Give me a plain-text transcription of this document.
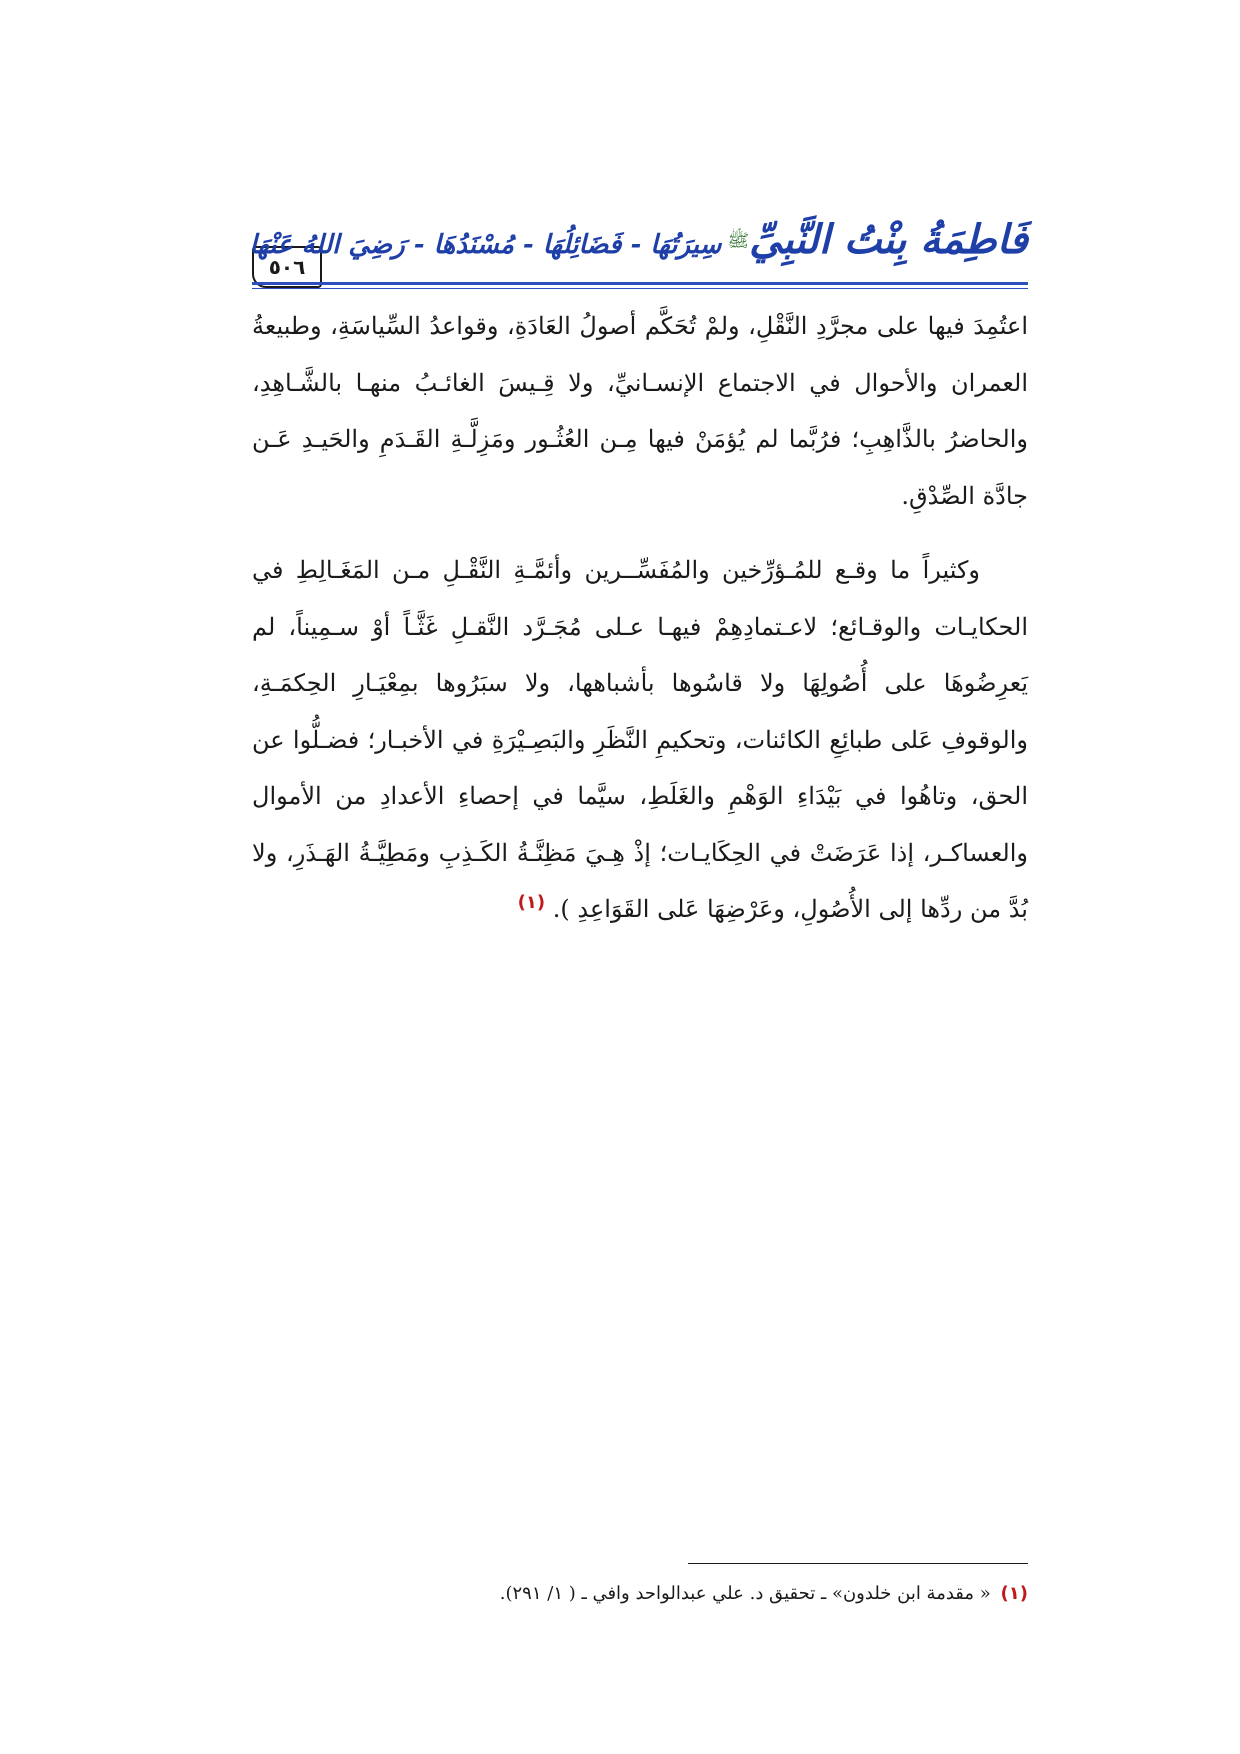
٥٠٦
فَاطِمَةُ بِنْتُ النَّبِيِّﷺسِيرَتُهَا - فَضَائِلُهَا - مُسْنَدُهَا - رَضِيَ اللهُ عَنْهَا

اعتُمِدَ فيها على مجرَّدِ النَّقْلِ، ولمْ تُحَكَّم أصولُ العَادَةِ، وقواعدُ السِّياسَةِ، وطبيعةُ العمران والأحوال في الاجتماع الإنسـانيِّ، ولا قِـيسَ الغائـبُ منهـا بالشَّـاهِدِ، والحاضرُ بالذَّاهِبِ؛ فرُبَّما لم يُؤمَنْ فيها مِـن العُثُـور ومَزِلَّـةِ القَـدَمِ والحَيـدِ عَـن جادَّة الصِّدْقِ.

وكثيراً ما وقـع للمُـؤرِّخين والمُفَسِّــرين وأئمَّـةِ النَّقْـلِ مـن المَغَـالِطِ في الحكايـات والوقـائع؛ لاعـتمادِهِمْ فيهـا عـلى مُجَـرَّد النَّقـلِ غَثَّـاً أوْ سـمِيناً، لم يَعرِضُوهَا على أُصُولِهَا ولا قاسُوها بأشباهها، ولا سبَرُوها بمِعْيَـارِ الحِكمَـةِ، والوقوفِ عَلى طبائِعِ الكائنات، وتحكيمِ النَّظَرِ والبَصِـيْرَةِ في الأخبـار؛ فضـلُّوا عن الحق، وتاهُوا في بَيْدَاءِ الوَهْمِ والغَلَطِ، سيَّما في إحصاءِ الأعدادِ من الأموال والعساكـر، إذا عَرَضَتْ في الحِكَايـات؛ إذْ هِـيَ مَظِنَّـةُ الكَـذِبِ ومَطِيَّـةُ الهَـذَرِ، ولا بُدَّ من ردِّها إلى الأُصُولِ، وعَرْضِهَا عَلى القَوَاعِدِ ). $^{(١)}$

(١) « مقدمة ابن خلدون» ـ تحقيق د. علي عبدالواحد وافي ـ ( ١/ ٢٩١).
